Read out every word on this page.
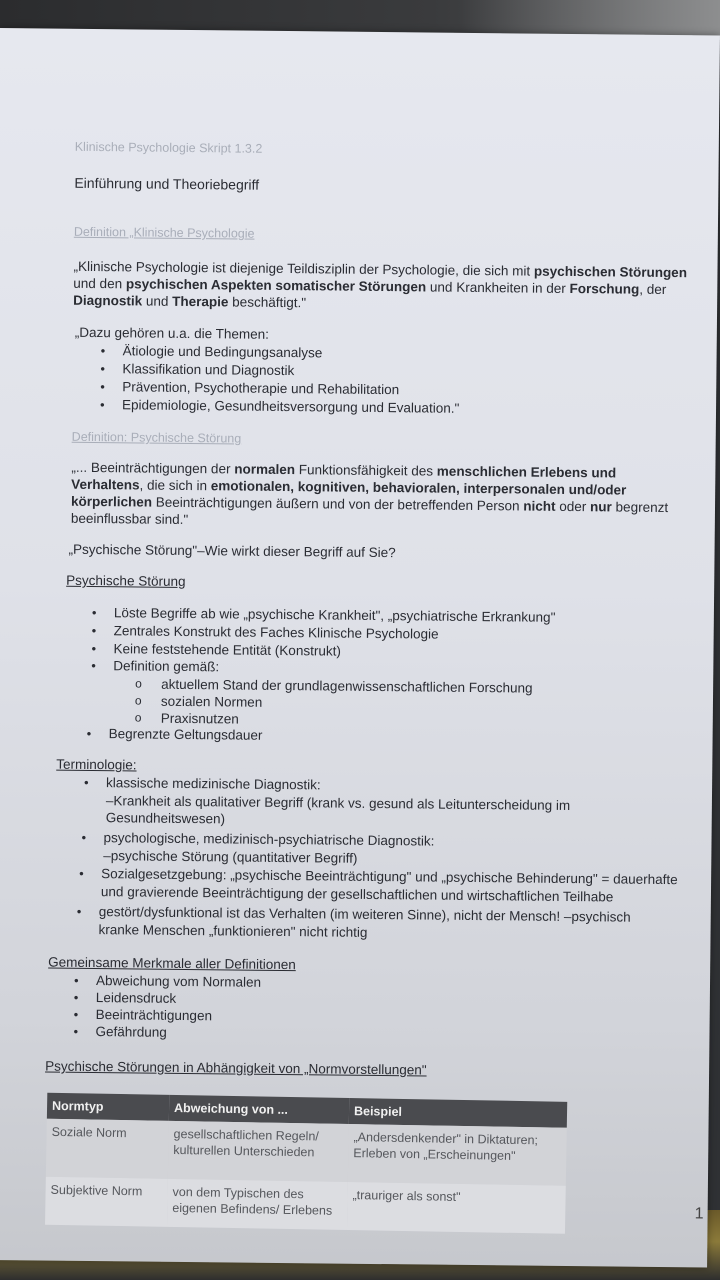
Klinische Psychologie Skript 1.3.2
Einführung und Theoriebegriff
Definition „Klinische Psychologie

„Klinische Psychologie ist diejenige Teildisziplin der Psychologie, die sich mit psychischen Störungen

und den psychischen Aspekten somatischer Störungen und Krankheiten in der Forschung, der

Diagnostik und Therapie beschäftigt."

„Dazu gehören u.a. die Themen:
• Ätiologie und Bedingungsanalyse
• Klassifikation und Diagnostik
• Prävention, Psychotherapie und Rehabilitation
• Epidemiologie, Gesundheitsversorgung und Evaluation."
Definition: Psychische Störung

„... Beeinträchtigungen der normalen Funktionsfähigkeit des menschlichen Erlebens und

Verhaltens, die sich in emotionalen, kognitiven, behavioralen, interpersonalen und/oder

körperlichen Beeinträchtigungen äußern und von der betreffenden Person nicht oder nur begrenzt

beeinflussbar sind."

„Psychische Störung"–Wie wirkt dieser Begriff auf Sie?
Psychische Störung
• Löste Begriffe ab wie „psychische Krankheit", „psychiatrische Erkrankung"
• Zentrales Konstrukt des Faches Klinische Psychologie
• Keine feststehende Entität (Konstrukt)
• Definition gemäß:
o aktuellem Stand der grundlagenwissenschaftlichen Forschung
o sozialen Normen
o Praxisnutzen
• Begrenzte Geltungsdauer
Terminologie:
• klassische medizinische Diagnostik:
–Krankheit als qualitativer Begriff (krank vs. gesund als Leitunterscheidung im
Gesundheitswesen)
• psychologische, medizinisch-psychiatrische Diagnostik:
–psychische Störung (quantitativer Begriff)
• Sozialgesetzgebung: „psychische Beeinträchtigung" und „psychische Behinderung" = dauerhafte
und gravierende Beeinträchtigung der gesellschaftlichen und wirtschaftlichen Teilhabe
• gestört/dysfunktional ist das Verhalten (im weiteren Sinne), nicht der Mensch! –psychisch
kranke Menschen „funktionieren" nicht richtig
Gemeinsame Merkmale aller Definitionen
• Abweichung vom Normalen
• Leidensdruck
• Beeinträchtigungen
• Gefährdung
Psychische Störungen in Abhängigkeit von „Normvorstellungen"
Normtyp	Abweichung von ...	Beispiel
Soziale Norm	gesellschaftlichen Regeln/ kulturellen Unterschieden	„Andersdenkender" in Diktaturen; Erleben von „Erscheinungen"
Subjektive Norm	von dem Typischen des eigenen Befindens/ Erlebens	„trauriger als sonst"
1
